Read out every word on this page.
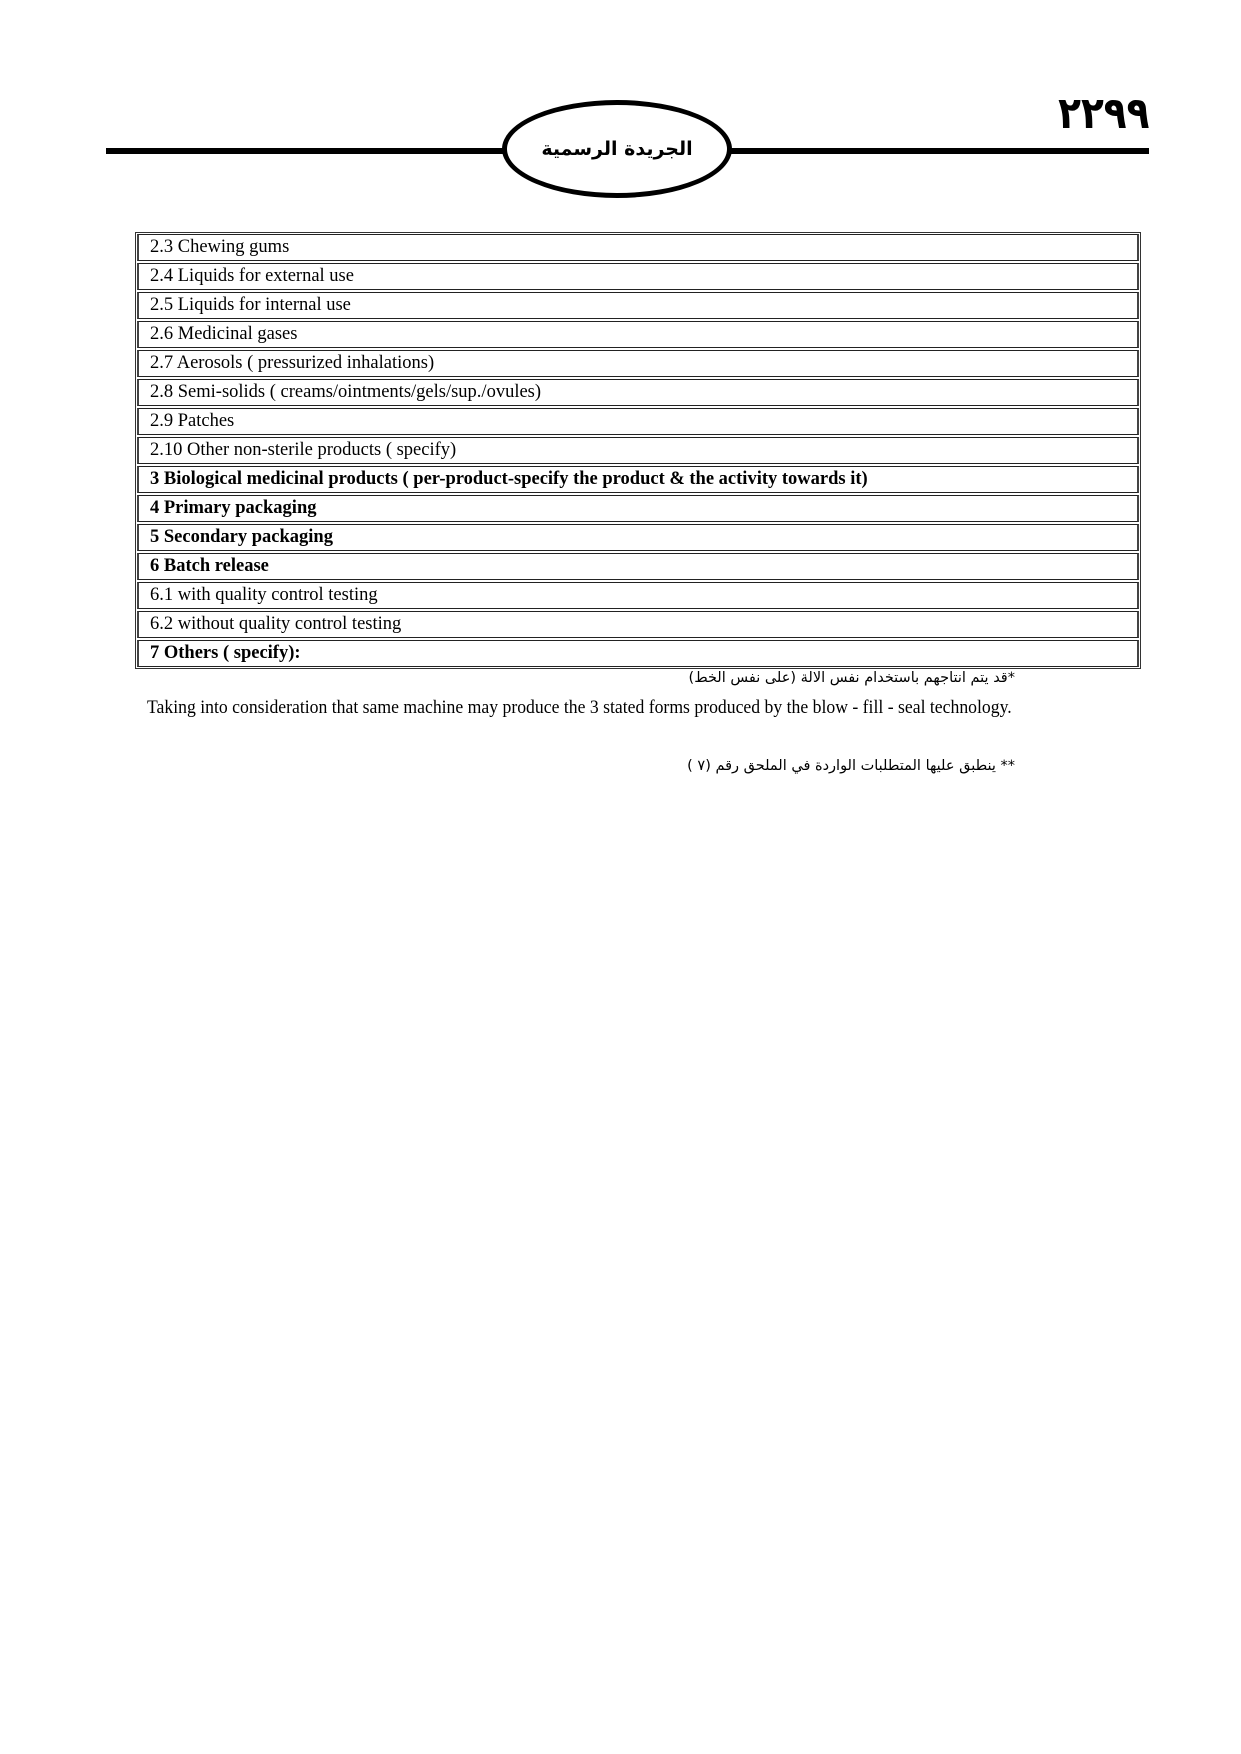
الجريدة الرسمية
٢٢٩٩
2.3 Chewing gums
2.4 Liquids for external use
2.5 Liquids for internal use
2.6 Medicinal gases
2.7 Aerosols ( pressurized inhalations)
2.8 Semi-solids ( creams/ointments/gels/sup./ovules)
2.9 Patches
2.10 Other non-sterile products ( specify)
3 Biological medicinal products ( per-product-specify the product & the activity towards it)
4 Primary packaging
5 Secondary packaging
6 Batch release
6.1 with quality control testing
6.2 without quality control testing
7 Others ( specify):
*قد يتم انتاجهم باستخدام نفس الالة (على نفس الخط)
Taking into consideration that same machine may produce the 3 stated forms produced by the blow - fill - seal technology.
** ينطبق عليها المتطلبات الواردة في الملحق رقم (٧ )
